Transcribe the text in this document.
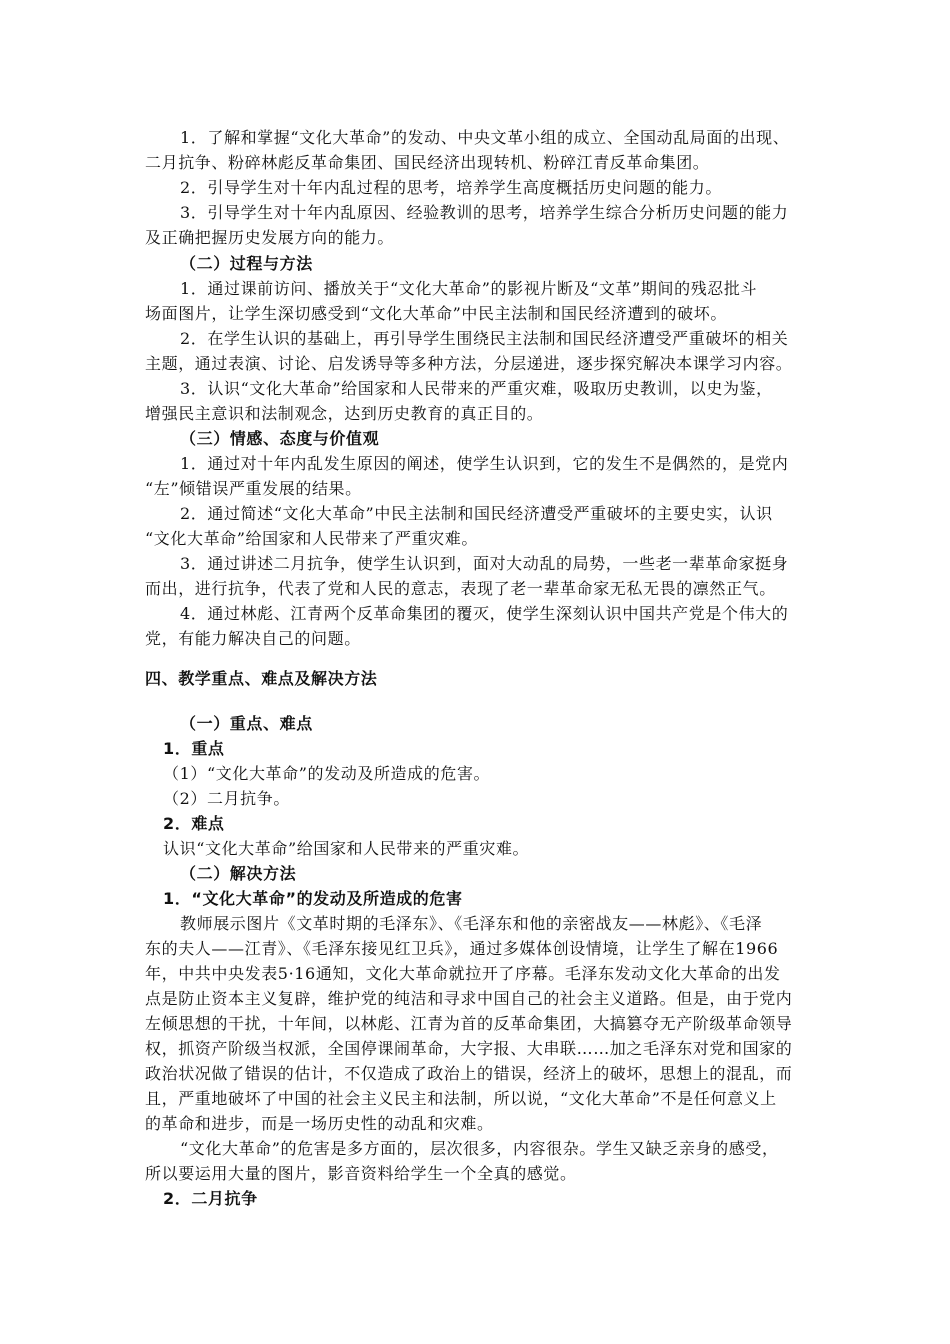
1．了解和掌握“文化大革命”的发动、中央文革小组的成立、全国动乱局面的出现、
二月抗争、粉碎林彪反革命集团、国民经济出现转机、粉碎江青反革命集团。
2．引导学生对十年内乱过程的思考，培养学生高度概括历史问题的能力。
3．引导学生对十年内乱原因、经验教训的思考，培养学生综合分析历史问题的能力
及正确把握历史发展方向的能力。
（二）过程与方法
1．通过课前访问、播放关于“文化大革命”的影视片断及“文革”期间的残忍批斗
场面图片，让学生深切感受到“文化大革命”中民主法制和国民经济遭到的破坏。
2．在学生认识的基础上，再引导学生围绕民主法制和国民经济遭受严重破坏的相关
主题，通过表演、讨论、启发诱导等多种方法，分层递进，逐步探究解决本课学习内容。
3．认识“文化大革命”给国家和人民带来的严重灾难，吸取历史教训，以史为鉴，
增强民主意识和法制观念，达到历史教育的真正目的。
（三）情感、态度与价值观
1．通过对十年内乱发生原因的阐述，使学生认识到，它的发生不是偶然的，是党内
“左”倾错误严重发展的结果。
2．通过简述“文化大革命”中民主法制和国民经济遭受严重破坏的主要史实，认识
“文化大革命”给国家和人民带来了严重灾难。
3．通过讲述二月抗争，使学生认识到，面对大动乱的局势，一些老一辈革命家挺身
而出，进行抗争，代表了党和人民的意志，表现了老一辈革命家无私无畏的凛然正气。
4．通过林彪、江青两个反革命集团的覆灭，使学生深刻认识中国共产党是个伟大的
党，有能力解决自己的问题。
四、教学重点、难点及解决方法
（一）重点、难点
1．重点
（1）“文化大革命”的发动及所造成的危害。
（2）二月抗争。
2．难点
认识“文化大革命”给国家和人民带来的严重灾难。
（二）解决方法
1．“文化大革命”的发动及所造成的危害
教师展示图片《文革时期的毛泽东》、《毛泽东和他的亲密战友——林彪》、《毛泽
东的夫人——江青》、《毛泽东接见红卫兵》，通过多媒体创设情境，让学生了解在1966
年，中共中央发表5·16通知，文化大革命就拉开了序幕。毛泽东发动文化大革命的出发
点是防止资本主义复辟，维护党的纯洁和寻求中国自己的社会主义道路。但是，由于党内
左倾思想的干扰，十年间，以林彪、江青为首的反革命集团，大搞篡夺无产阶级革命领导
权，抓资产阶级当权派，全国停课闹革命，大字报、大串联……加之毛泽东对党和国家的
政治状况做了错误的估计，不仅造成了政治上的错误，经济上的破坏，思想上的混乱，而
且，严重地破坏了中国的社会主义民主和法制，所以说，“文化大革命”不是任何意义上
的革命和进步，而是一场历史性的动乱和灾难。
“文化大革命”的危害是多方面的，层次很多，内容很杂。学生又缺乏亲身的感受，
所以要运用大量的图片，影音资料给学生一个全真的感觉。
2．二月抗争
